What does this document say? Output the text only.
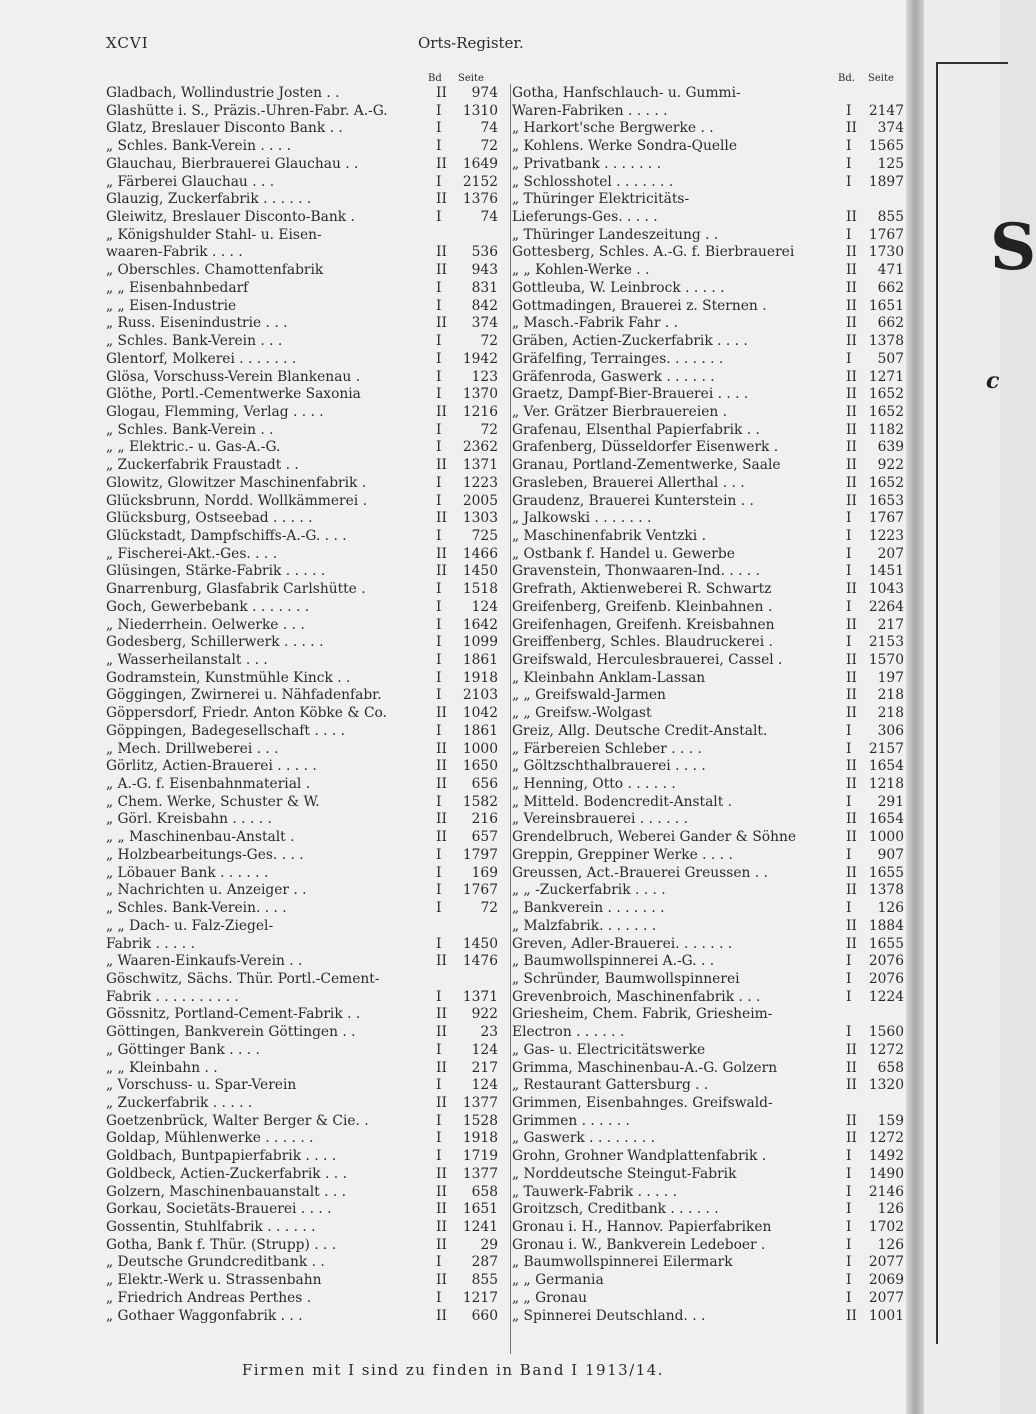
XCVI	Orts-Register.
Bd Seite
Gladbach, Wollindustrie Josten . .	II	974
Glashütte i. S., Präzis.-Uhren-Fabr. A.-G.	I	1310
Glatz, Breslauer Disconto Bank . .	I	74
„ Schles. Bank-Verein . . . .	I	72
Glauchau, Bierbrauerei Glauchau . .	II	1649
„ Färberei Glauchau . . .	I	2152
Glauzig, Zuckerfabrik . . . . . .	II	1376
Gleiwitz, Breslauer Disconto-Bank .	I	74
„ Königshulder Stahl- u. Eisen-
waaren-Fabrik . . . .	II	536
„ Oberschles. Chamottenfabrik	II	943
„ „ Eisenbahnbedarf	I	831
„ „ Eisen-Industrie	I	842
„ Russ. Eisenindustrie . . .	II	374
„ Schles. Bank-Verein . . .	I	72
Glentorf, Molkerei . . . . . . .	I	1942
Glösa, Vorschuss-Verein Blankenau .	I	123
Glöthe, Portl.-Cementwerke Saxonia	I	1370
Glogau, Flemming, Verlag . . . .	II	1216
„ Schles. Bank-Verein . .	I	72
„ „ Elektric.- u. Gas-A.-G.	I	2362
„ Zuckerfabrik Fraustadt . .	II	1371
Glowitz, Glowitzer Maschinenfabrik .	I	1223
Glücksbrunn, Nordd. Wollkämmerei .	I	2005
Glücksburg, Ostseebad . . . . .	II	1303
Glückstadt, Dampfschiffs-A.-G. . . .	I	725
„ Fischerei-Akt.-Ges. . . .	II	1466
Glüsingen, Stärke-Fabrik . . . . .	II	1450
Gnarrenburg, Glasfabrik Carlshütte .	I	1518
Goch, Gewerbebank . . . . . . .	I	124
„ Niederrhein. Oelwerke . . .	I	1642
Godesberg, Schillerwerk . . . . .	I	1099
„ Wasserheilanstalt . . .	I	1861
Godramstein, Kunstmühle Kinck . .	I	1918
Göggingen, Zwirnerei u. Nähfadenfabr.	I	2103
Göppersdorf, Friedr. Anton Köbke & Co.	II	1042
Göppingen, Badegesellschaft . . . .	I	1861
„ Mech. Drillweberei . . .	II	1000
Görlitz, Actien-Brauerei . . . . .	II	1650
„ A.-G. f. Eisenbahnmaterial .	II	656
„ Chem. Werke, Schuster & W.	I	1582
„ Görl. Kreisbahn . . . . .	II	216
„ „ Maschinenbau-Anstalt .	II	657
„ Holzbearbeitungs-Ges. . . .	I	1797
„ Löbauer Bank . . . . . .	I	169
„ Nachrichten u. Anzeiger . .	I	1767
„ Schles. Bank-Verein. . . .	I	72
„ „ Dach- u. Falz-Ziegel-
Fabrik . . . . .	I	1450
„ Waaren-Einkaufs-Verein . .	II	1476
Göschwitz, Sächs. Thür. Portl.-Cement-
Fabrik . . . . . . . . . .	I	1371
Gössnitz, Portland-Cement-Fabrik . .	II	922
Göttingen, Bankverein Göttingen . .	II	23
„ Göttinger Bank . . . .	I	124
„ „ Kleinbahn . .	II	217
„ Vorschuss- u. Spar-Verein	I	124
„ Zuckerfabrik . . . . .	II	1377
Goetzenbrück, Walter Berger & Cie. .	I	1528
Goldap, Mühlenwerke . . . . . .	I	1918
Goldbach, Buntpapierfabrik . . . .	I	1719
Goldbeck, Actien-Zuckerfabrik . . .	II	1377
Golzern, Maschinenbauanstalt . . .	II	658
Gorkau, Societäts-Brauerei . . . .	II	1651
Gossentin, Stuhlfabrik . . . . . .	II	1241
Gotha, Bank f. Thür. (Strupp) . . .	II	29
„ Deutsche Grundcreditbank . .	I	287
„ Elektr.-Werk u. Strassenbahn	II	855
„ Friedrich Andreas Perthes .	I	1217
„ Gothaer Waggonfabrik . . .	II	660
Bd. Seite
Gotha, Hanfschlauch- u. Gummi-
Waren-Fabriken . . . . .	I	2147
„ Harkort'sche Bergwerke . .	II	374
„ Kohlens. Werke Sondra-Quelle	I	1565
„ Privatbank . . . . . . .	I	125
„ Schlosshotel . . . . . . .	I	1897
„ Thüringer Elektricitäts-
Lieferungs-Ges. . . . .	II	855
„ Thüringer Landeszeitung . .	I	1767
Gottesberg, Schles. A.-G. f. Bierbrauerei	II 1730
„ „ Kohlen-Werke . .	II	471
Gottleuba, W. Leinbrock . . . . .	II	662
Gottmadingen, Brauerei z. Sternen .	II 1651
„ Masch.-Fabrik Fahr . .	II	662
Gräben, Actien-Zuckerfabrik . . . .	II 1378
Gräfelfing, Terrainges. . . . . . .	I	507
Gräfenroda, Gaswerk . . . . . .	II 1271
Graetz, Dampf-Bier-Brauerei . . . .	II 1652
„ Ver. Grätzer Bierbrauereien .	II 1652
Grafenau, Elsenthal Papierfabrik . .	II 1182
Grafenberg, Düsseldorfer Eisenwerk .	II	639
Granau, Portland-Zementwerke, Saale	II	922
Grasleben, Brauerei Allerthal . . .	II 1652
Graudenz, Brauerei Kunterstein . .	II 1653
„ Jalkowski . . . . . . .	I	1767
„ Maschinenfabrik Ventzki .	I	1223
„ Ostbank f. Handel u. Gewerbe	I	207
Gravenstein, Thonwaaren-Ind. . . . .	I	1451
Grefrath, Aktienweberei R. Schwartz	II 1043
Greifenberg, Greifenb. Kleinbahnen .	I	2264
Greifenhagen, Greifenh. Kreisbahnen	II	217
Greiffenberg, Schles. Blaudruckerei .	I	2153
Greifswald, Herculesbrauerei, Cassel .	II 1570
„ Kleinbahn Anklam-Lassan	II	197
„ „ Greifswald-Jarmen	II	218
„ „ Greifsw.-Wolgast	II	218
Greiz, Allg. Deutsche Credit-Anstalt.	I	306
„ Färbereien Schleber . . . .	I	2157
„ Göltzschthalbrauerei . . . .	II 1654
„ Henning, Otto . . . . . .	II 1218
„ Mitteld. Bodencredit-Anstalt .	I	291
„ Vereinsbrauerei . . . . . .	II 1654
Grendelbruch, Weberei Gander & Söhne	II 1000
Greppin, Greppiner Werke . . . .	I	907
Greussen, Act.-Brauerei Greussen . .	II 1655
„ „ -Zuckerfabrik . . . .	II 1378
„ Bankverein . . . . . . .	I	126
„ Malzfabrik. . . . . . .	II 1884
Greven, Adler-Brauerei. . . . . . .	II 1655
„ Baumwollspinnerei A.-G. . .	I	2076
„ Schründer, Baumwollspinnerei	I	2076
Grevenbroich, Maschinenfabrik . . .	I	1224
Griesheim, Chem. Fabrik, Griesheim-
Electron . . . . . .	I	1560
„ Gas- u. Electricitätswerke	II 1272
Grimma, Maschinenbau-A.-G. Golzern	II	658
„ Restaurant Gattersburg . .	II 1320
Grimmen, Eisenbahnges. Greifswald-
Grimmen . . . . . .	II	159
„ Gaswerk . . . . . . . .	II 1272
Grohn, Grohner Wandplattenfabrik .	I	1492
„ Norddeutsche Steingut-Fabrik	I	1490
„ Tauwerk-Fabrik . . . . .	I	2146
Groitzsch, Creditbank . . . . . .	I	126
Gronau i. H., Hannov. Papierfabriken	I	1702
Gronau i. W., Bankverein Ledeboer .	I	126
„ Baumwollspinnerei Eilermark	I	2077
„ „ Germania	I	2069
„ „ Gronau	I	2077
„ Spinnerei Deutschland. . .	II 1001
Firmen mit I sind zu finden in Band I 1913/14.
S
c
